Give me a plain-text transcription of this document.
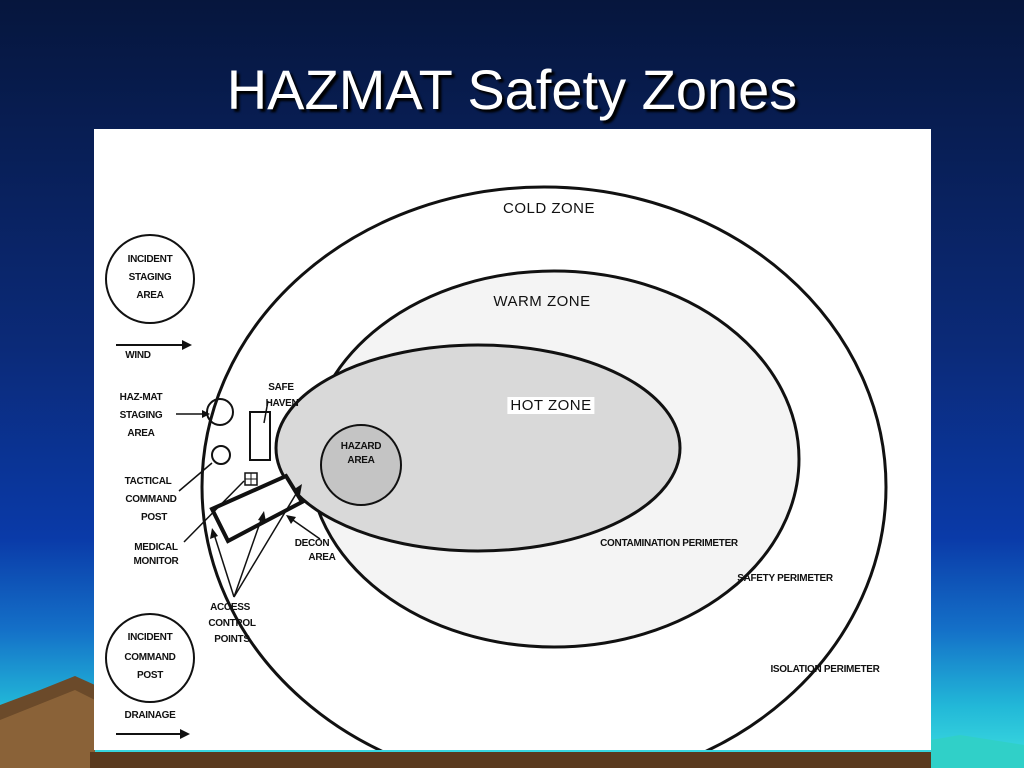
HAZMAT Safety Zones
COLD ZONE
WARM ZONE
HOT ZONE
HAZARD
AREA
CONTAMINATION PERIMETER
SAFETY PERIMETER
ISOLATION PERIMETER
INCIDENT
STAGING
AREA
WIND
HAZ-MAT
STAGING
AREA
TACTICAL
COMMAND
POST
MEDICAL
MONITOR
ACCESS
CONTROL
POINTS
INCIDENT
COMMAND
POST
DRAINAGE
SAFE
HAVEN
DECON
AREA
